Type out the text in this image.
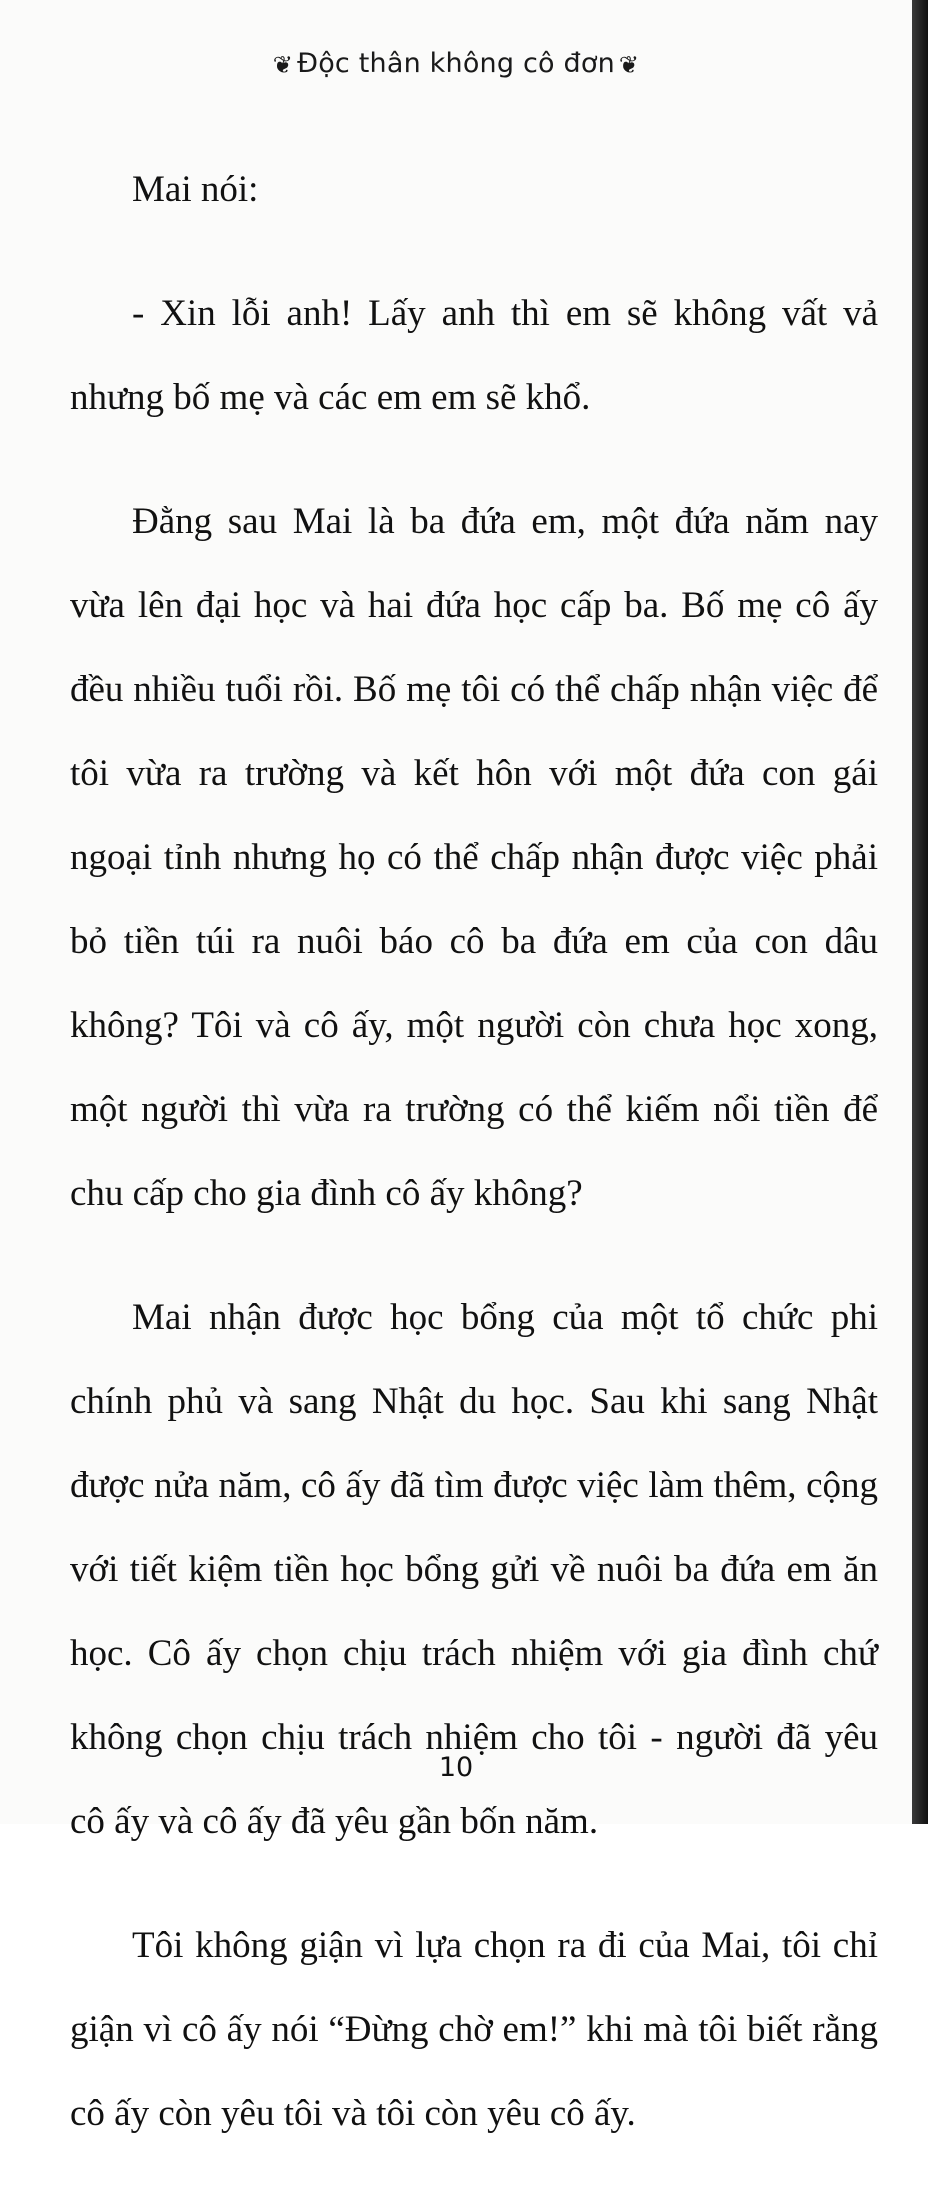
❦ Độc thân không cô đơn ❦

Mai nói:

- Xin lỗi anh! Lấy anh thì em sẽ không vất vả nhưng bố mẹ và các em em sẽ khổ.

Đằng sau Mai là ba đứa em, một đứa năm nay vừa lên đại học và hai đứa học cấp ba. Bố mẹ cô ấy đều nhiều tuổi rồi. Bố mẹ tôi có thể chấp nhận việc để tôi vừa ra trường và kết hôn với một đứa con gái ngoại tỉnh nhưng họ có thể chấp nhận được việc phải bỏ tiền túi ra nuôi báo cô ba đứa em của con dâu không? Tôi và cô ấy, một người còn chưa học xong, một người thì vừa ra trường có thể kiếm nổi tiền để chu cấp cho gia đình cô ấy không?

Mai nhận được học bổng của một tổ chức phi chính phủ và sang Nhật du học. Sau khi sang Nhật được nửa năm, cô ấy đã tìm được việc làm thêm, cộng với tiết kiệm tiền học bổng gửi về nuôi ba đứa em ăn học. Cô ấy chọn chịu trách nhiệm với gia đình chứ không chọn chịu trách nhiệm cho tôi - người đã yêu cô ấy và cô ấy đã yêu gần bốn năm.

Tôi không giận vì lựa chọn ra đi của Mai, tôi chỉ giận vì cô ấy nói “Đừng chờ em!” khi mà tôi biết rằng cô ấy còn yêu tôi và tôi còn yêu cô ấy.

10
